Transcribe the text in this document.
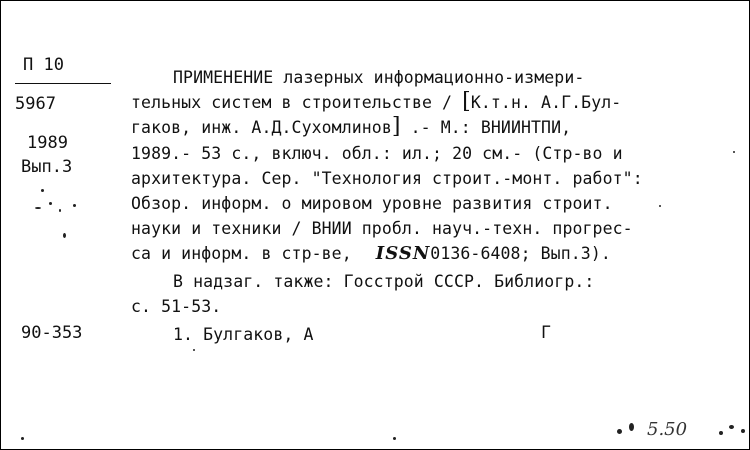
П 10
5967
1989
Вып.3
90-353
ПРИМЕНЕНИЕ лазерных информационно-измери-
тельных систем в строительстве / [К.т.н. А.Г.Бул-
гаков, инж. А.Д.Сухомлинов] .- М.: ВНИИНТПИ,
1989.- 53 с., включ. обл.: ил.; 20 см.- (Стр-во и
архитектура. Сер. "Технология строит.-монт. работ":
Обзор. информ. о мировом уровне развития строит.
науки и техники / ВНИИ пробл. науч.-техн. прогрес-
са и информ. в стр-ве, ISSN0136-6408; Вып.3).
В надзаг. также: Госстрой СССР. Библиогр.:
с. 51-53.
1. Булгаков, А	Г
5.50
